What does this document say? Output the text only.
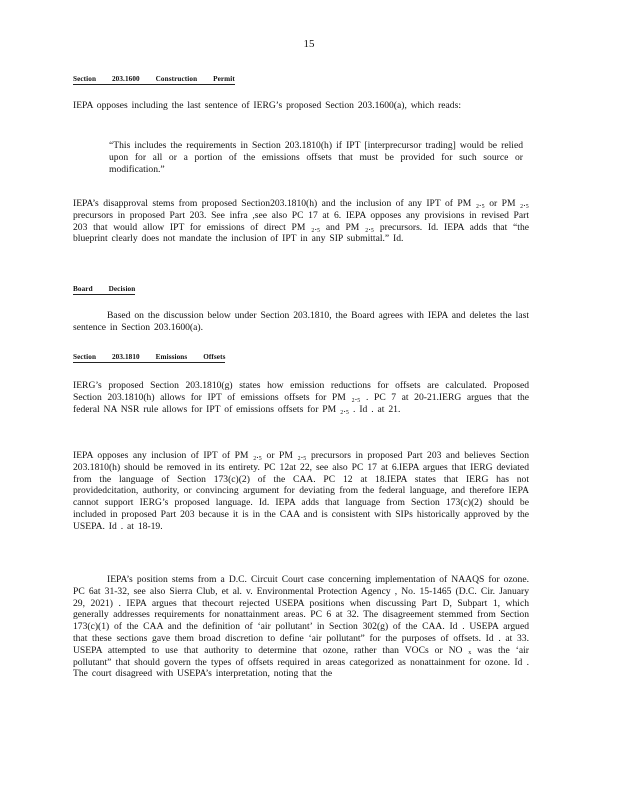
15
Section 203.1600 Construction Permit
IEPA opposes including the last sentence of IERG’s proposed Section 203.1600(a), which reads:
“This includes the requirements in Section 203.1810(h) if IPT [interprecursor trading] would be relied upon for all or a portion of the emissions offsets that must be provided for such source or modification.”
IEPA’s disapproval stems from proposed Section203.1810(h) and the inclusion of any IPT of PM ₂.₅ or PM ₂.₅ precursors in proposed Part 203. See infra ,see also PC 17 at 6. IEPA opposes any provisions in revised Part 203 that would allow IPT for emissions of direct PM ₂.₅ and PM ₂.₅ precursors. Id. IEPA adds that “the blueprint clearly does not mandate the inclusion of IPT in any SIP submittal.” Id.
Board Decision
Based on the discussion below under Section 203.1810, the Board agrees with IEPA and deletes the last sentence in Section 203.1600(a).
Section 203.1810 Emissions Offsets
IERG’s proposed Section 203.1810(g) states how emission reductions for offsets are calculated. Proposed Section 203.1810(h) allows for IPT of emissions offsets for PM ₂.₅ . PC 7 at 20-21.IERG argues that the federal NA NSR rule allows for IPT of emissions offsets for PM ₂.₅ . Id . at 21.
IEPA opposes any inclusion of IPT of PM ₂.₅ or PM ₂.₅ precursors in proposed Part 203 and believes Section 203.1810(h) should be removed in its entirety. PC 12at 22, see also PC 17 at 6.IEPA argues that IERG deviated from the language of Section 173(c)(2) of the CAA. PC 12 at 18.IEPA states that IERG has not providedcitation, authority, or convincing argument for deviating from the federal language, and therefore IEPA cannot support IERG’s proposed language. Id. IEPA adds that language from Section 173(c)(2) should be included in proposed Part 203 because it is in the CAA and is consistent with SIPs historically approved by the USEPA. Id . at 18-19.
IEPA’s position stems from a D.C. Circuit Court case concerning implementation of NAAQS for ozone. PC 6at 31-32, see also Sierra Club, et al. v. Environmental Protection Agency , No. 15-1465 (D.C. Cir. January 29, 2021) . IEPA argues that thecourt rejected USEPA positions when discussing Part D, Subpart 1, which generally addresses requirements for nonattainment areas. PC 6 at 32. The disagreement stemmed from Section 173(c)(1) of the CAA and the definition of ‘air pollutant’ in Section 302(g) of the CAA. Id . USEPA argued that these sections gave them broad discretion to define ‘air pollutant” for the purposes of offsets. Id . at 33. USEPA attempted to use that authority to determine that ozone, rather than VOCs or NO ₓ was the ‘air pollutant” that should govern the types of offsets required in areas categorized as nonattainment for ozone. Id . The court disagreed with USEPA’s interpretation, noting that the
